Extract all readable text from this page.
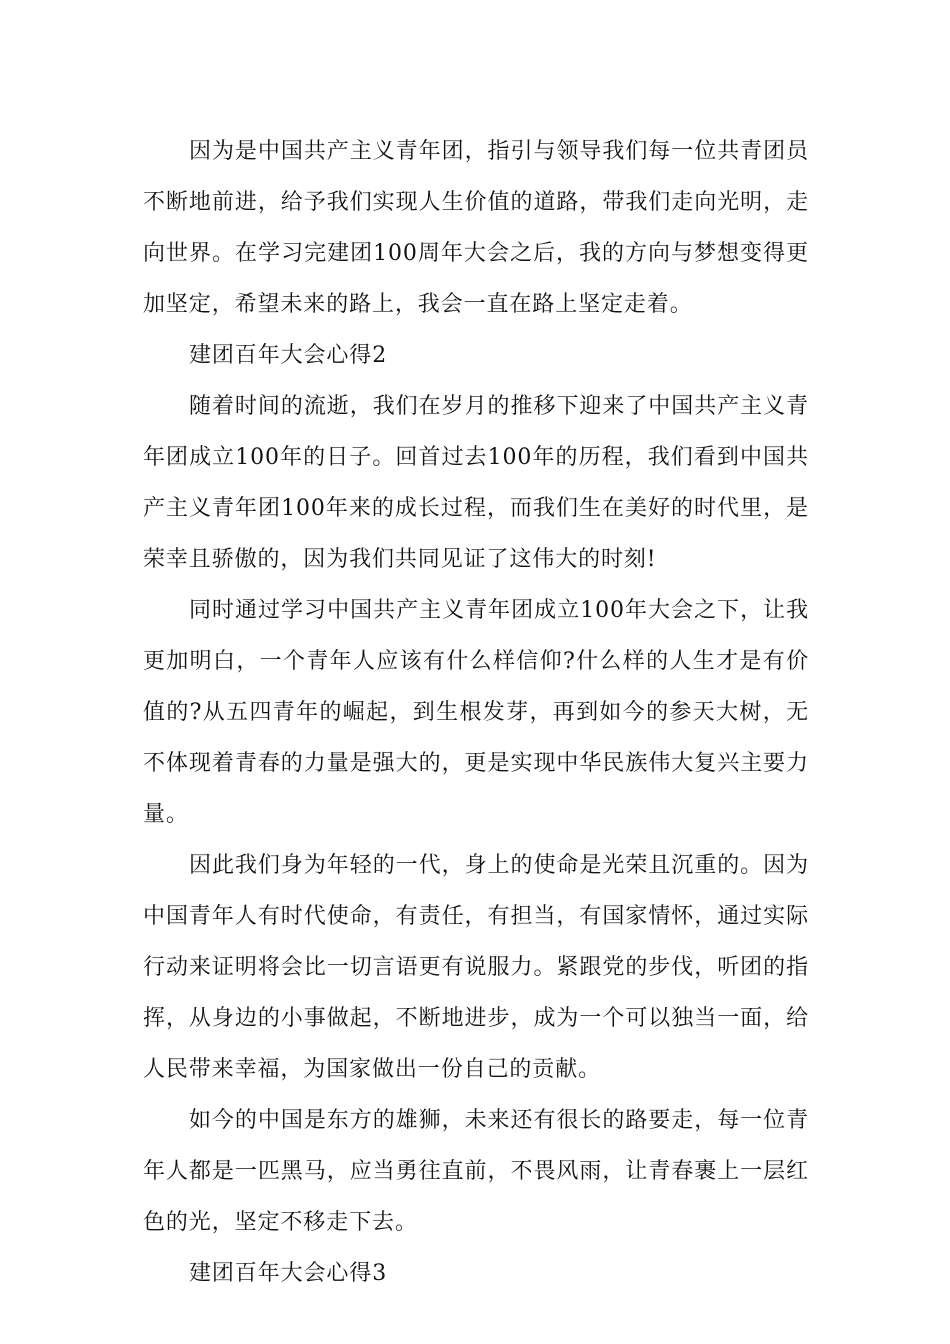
因为是中国共产主义青年团，指引与领导我们每一位共青团员不断地前进，给予我们实现人生价值的道路，带我们走向光明，走向世界。在学习完建团100周年大会之后，我的方向与梦想变得更加坚定，希望未来的路上，我会一直在路上坚定走着。

建团百年大会心得2

随着时间的流逝，我们在岁月的推移下迎来了中国共产主义青年团成立100年的日子。回首过去100年的历程，我们看到中国共产主义青年团100年来的成长过程，而我们生在美好的时代里，是荣幸且骄傲的，因为我们共同见证了这伟大的时刻!

同时通过学习中国共产主义青年团成立100年大会之下，让我更加明白，一个青年人应该有什么样信仰?什么样的人生才是有价值的?从五四青年的崛起，到生根发芽，再到如今的参天大树，无不体现着青春的力量是强大的，更是实现中华民族伟大复兴主要力量。

因此我们身为年轻的一代，身上的使命是光荣且沉重的。因为中国青年人有时代使命，有责任，有担当，有国家情怀，通过实际行动来证明将会比一切言语更有说服力。紧跟党的步伐，听团的指挥，从身边的小事做起，不断地进步，成为一个可以独当一面，给人民带来幸福，为国家做出一份自己的贡献。

如今的中国是东方的雄狮，未来还有很长的路要走，每一位青年人都是一匹黑马，应当勇往直前，不畏风雨，让青春裹上一层红色的光，坚定不移走下去。

建团百年大会心得3
